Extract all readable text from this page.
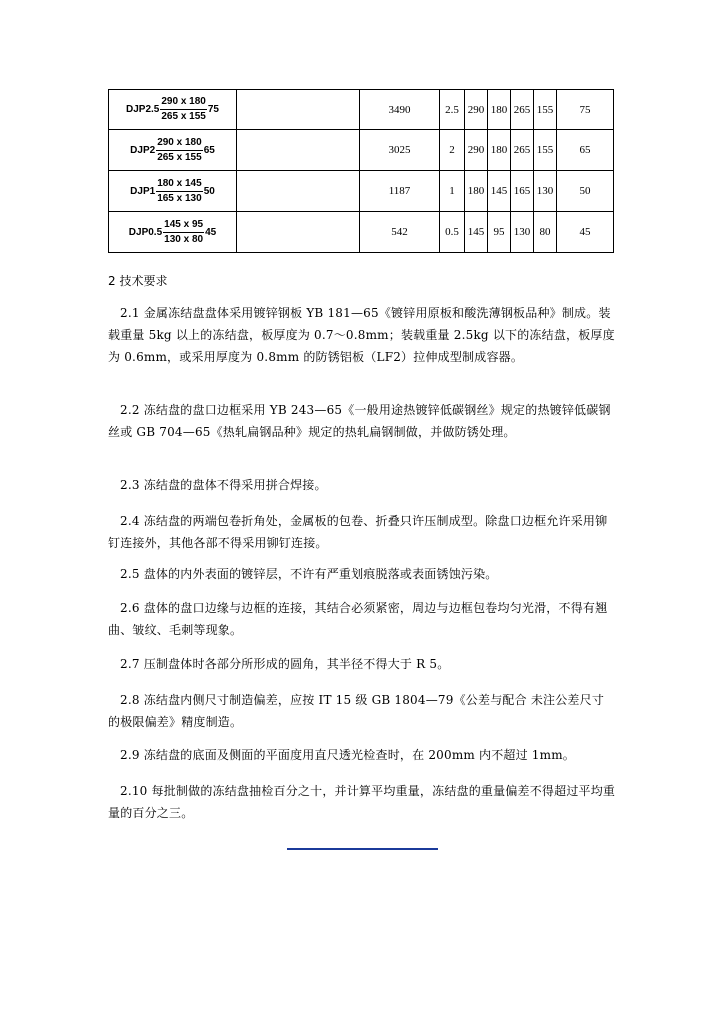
$DJP2.5 \frac{290 x 180}{265 x 155} 75$		3490	2.5	290	180	265	155	75
$DJP2 \frac{290 x 180}{265 x 155} 65$		3025	2	290	180	265	155	65
$DJP1 \frac{180 x 145}{165 x 130} 50$		1187	1	180	145	165	130	50
$DJP0.5 \frac{145 x 95}{130 x 80} 45$		542	0.5	145	95	130	80	45
2 技术要求

2.1 金属冻结盘盘体采用镀锌钢板 YB 181—65《镀锌用原板和酸洗薄钢板品种》制成。装载重量 5kg 以上的冻结盘，板厚度为 0.7～0.8mm；装载重量 2.5kg 以下的冻结盘，板厚度为 0.6mm，或采用厚度为 0.8mm 的防锈铝板（LF2）拉伸成型制成容器。

2.2 冻结盘的盘口边框采用 YB 243—65《一般用途热镀锌低碳钢丝》规定的热镀锌低碳钢丝或 GB 704—65《热轧扁钢品种》规定的热轧扁钢制做，并做防锈处理。

2.3 冻结盘的盘体不得采用拼合焊接。

2.4 冻结盘的两端包卷折角处，金属板的包卷、折叠只许压制成型。除盘口边框允许采用铆钉连接外，其他各部不得采用铆钉连接。

2.5 盘体的内外表面的镀锌层，不许有严重划痕脱落或表面锈蚀污染。

2.6 盘体的盘口边缘与边框的连接，其结合必须紧密，周边与边框包卷均匀光滑，不得有翘曲、皱纹、毛刺等现象。

2.7 压制盘体时各部分所形成的圆角，其半径不得大于 R 5。

2.8 冻结盘内侧尺寸制造偏差，应按 IT 15 级 GB 1804—79《公差与配合 未注公差尺寸的极限偏差》精度制造。

2.9 冻结盘的底面及侧面的平面度用直尺透光检查时，在 200mm 内不超过 1mm。

2.10 每批制做的冻结盘抽检百分之十，并计算平均重量，冻结盘的重量偏差不得超过平均重量的百分之三。
